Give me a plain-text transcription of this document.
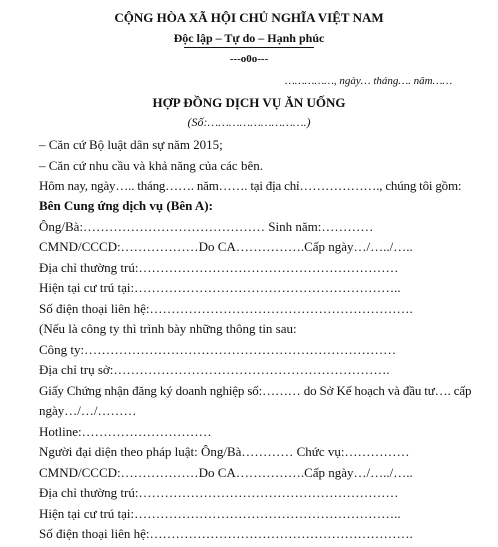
CỘNG HÒA XÃ HỘI CHỦ NGHĨA VIỆT NAM
Độc lập – Tự do – Hạnh phúc
---o0o---
……………, ngày… tháng…. năm……
HỢP ĐỒNG DỊCH VỤ ĂN UỐNG
(Số:……………………….)
– Căn cứ Bộ luật dân sự năm 2015;
– Căn cứ nhu cầu và khả năng của các bên.
Hôm nay, ngày….. tháng……. năm……. tại địa chỉ………………., chúng tôi gồm:
Bên Cung ứng dịch vụ (Bên A):
Ông/Bà:…………………………………… Sinh năm:…………
CMND/CCCD:………………Do CA…………….Cấp ngày…/…../…..
Địa chỉ thường trú:……………………………………………………
Hiện tại cư trú tại:……………………………………………………..
Số điện thoại liên hệ:…………………………………………………….
(Nếu là công ty thì trình bày những thông tin sau:
Công ty:………………………………………………………………
Địa chỉ trụ sở:……………………………………………………….
Giấy Chứng nhận đăng ký doanh nghiệp số:……… do Sở Kế hoạch và đầu tư…. cấp
ngày…/…/………
Hotline:…………………………
Người đại diện theo pháp luật: Ông/Bà………… Chức vụ:……………
CMND/CCCD:………………Do CA…………….Cấp ngày…/…../…..
Địa chỉ thường trú:……………………………………………………
Hiện tại cư trú tại:……………………………………………………..
Số điện thoại liên hệ:…………………………………………………….
